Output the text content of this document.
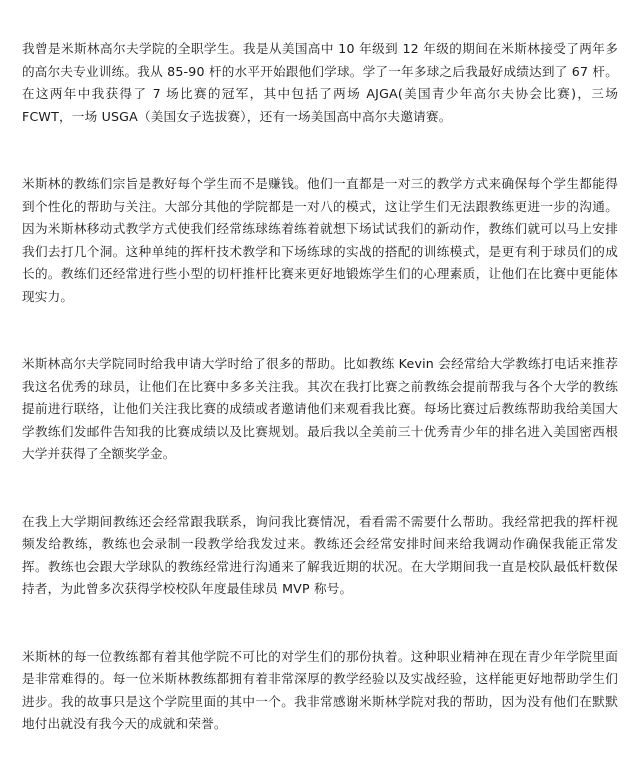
我曾是米斯林高尔夫学院的全职学生。我是从美国高中 10 年级到 12 年级的期间在米斯林接受了两年多的高尔夫专业训练。我从 85-90 杆的水平开始跟他们学球。学了一年多球之后我最好成绩达到了 67 杆。在这两年中我获得了 7 场比赛的冠军，其中包括了两场 AJGA(美国青少年高尔夫协会比赛)，三场 FCWT，一场 USGA（美国女子选拔赛），还有一场美国高中高尔夫邀请赛。

米斯林的教练们宗旨是教好每个学生而不是赚钱。他们一直都是一对三的教学方式来确保每个学生都能得到个性化的帮助与关注。大部分其他的学院都是一对八的模式，这让学生们无法跟教练更进一步的沟通。因为米斯林移动式教学方式使我们经常练球练着练着就想下场试试我们的新动作，教练们就可以马上安排我们去打几个洞。这种单纯的挥杆技术教学和下场练球的实战的搭配的训练模式，是更有利于球员们的成长的。教练们还经常进行些小型的切杆推杆比赛来更好地锻炼学生们的心理素质，让他们在比赛中更能体现实力。

米斯林高尔夫学院同时给我申请大学时给了很多的帮助。比如教练 Kevin 会经常给大学教练打电话来推荐我这名优秀的球员，让他们在比赛中多多关注我。其次在我打比赛之前教练会提前帮我与各个大学的教练提前进行联络，让他们关注我比赛的成绩或者邀请他们来观看我比赛。每场比赛过后教练帮助我给美国大学教练们发邮件告知我的比赛成绩以及比赛规划。最后我以全美前三十优秀青少年的排名进入美国密西根大学并获得了全额奖学金。

在我上大学期间教练还会经常跟我联系，询问我比赛情况，看看需不需要什么帮助。我经常把我的挥杆视频发给教练，教练也会录制一段教学给我发过来。教练还会经常安排时间来给我调动作确保我能正常发挥。教练也会跟大学球队的教练经常进行沟通来了解我近期的状况。在大学期间我一直是校队最低杆数保持者，为此曾多次获得学校校队年度最佳球员 MVP 称号。

米斯林的每一位教练都有着其他学院不可比的对学生们的那份执着。这种职业精神在现在青少年学院里面是非常难得的。每一位米斯林教练都拥有着非常深厚的教学经验以及实战经验，这样能更好地帮助学生们进步。我的故事只是这个学院里面的其中一个。我非常感谢米斯林学院对我的帮助，因为没有他们在默默地付出就没有我今天的成就和荣誉。
